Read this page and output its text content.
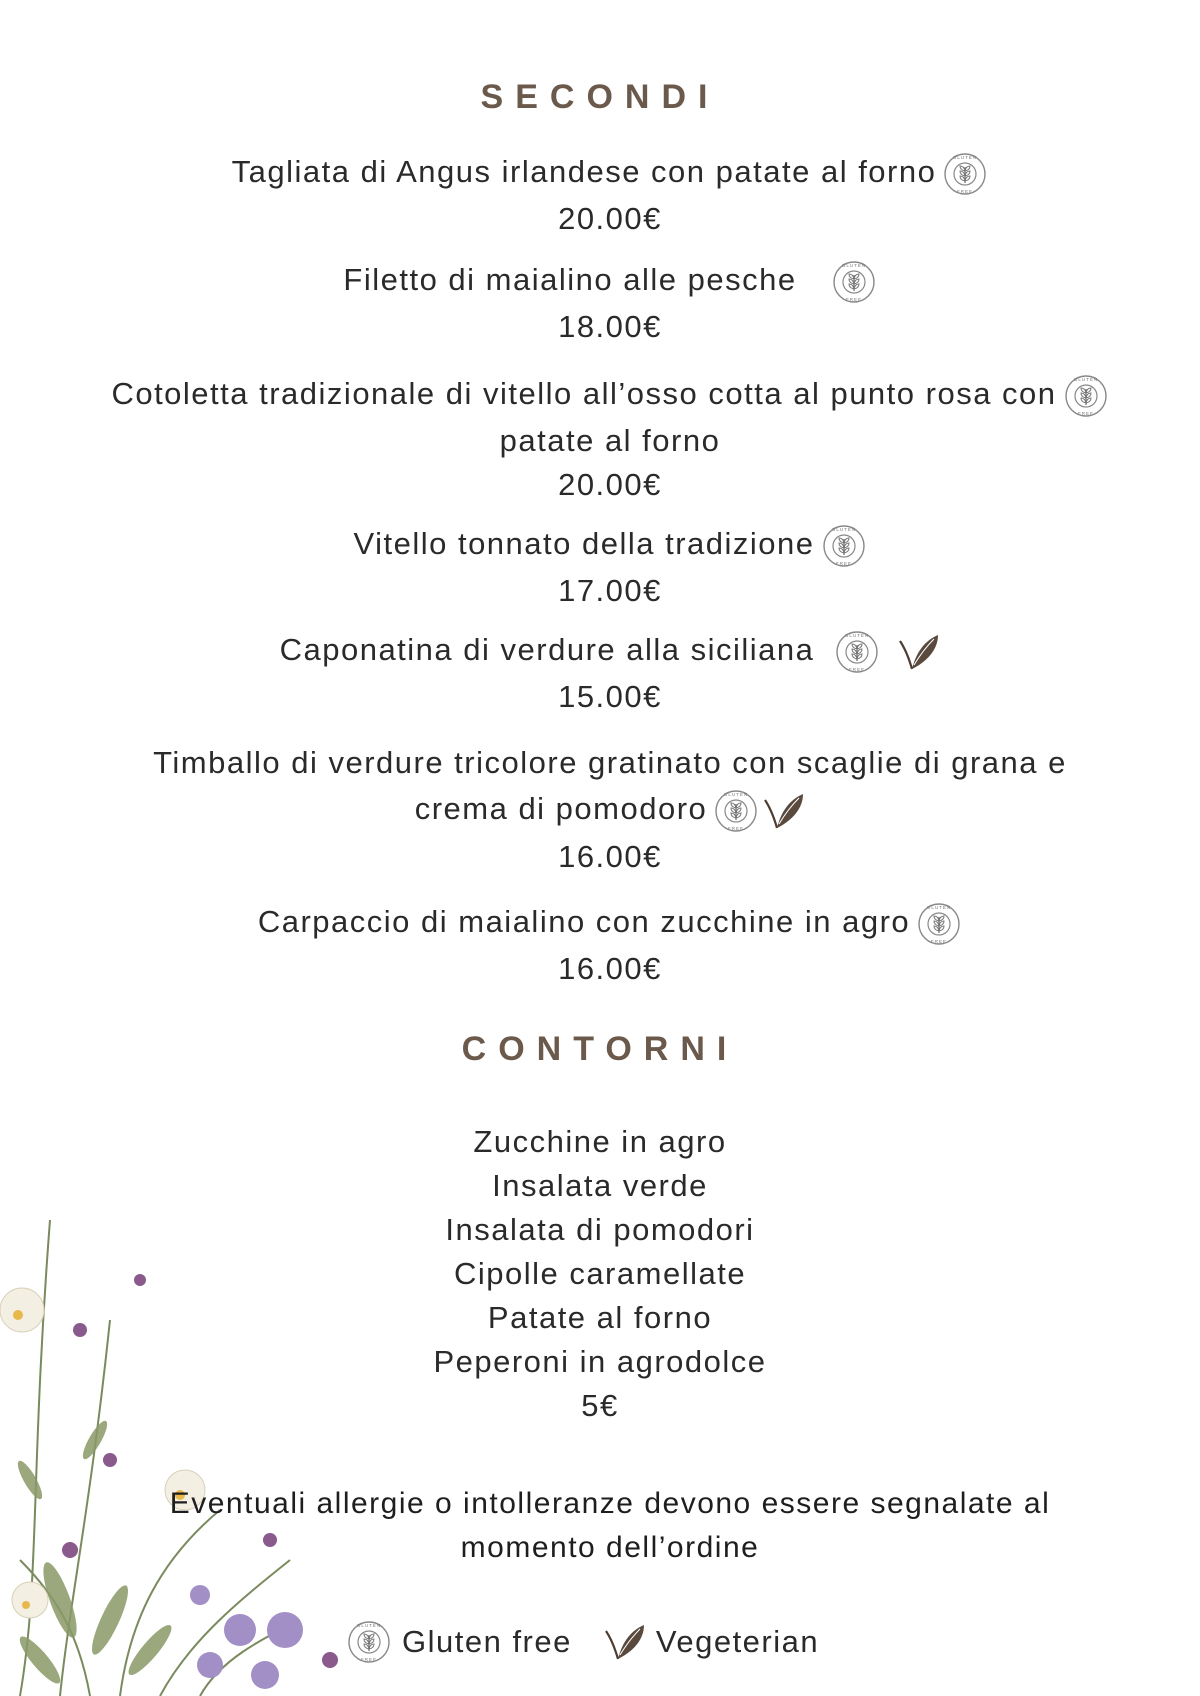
SECONDI
Tagliata di Angus irlandese con patate al forno
20.00€
Filetto di maialino alle pesche
18.00€
Cotoletta tradizionale di vitello all’osso cotta al punto rosa con
patate al forno
20.00€
Vitello tonnato della tradizione
17.00€
Caponatina di verdure alla siciliana
15.00€
Timballo di verdure tricolore gratinato con scaglie di grana e
crema di pomodoro
16.00€
Carpaccio di maialino con zucchine in agro
16.00€
CONTORNI
Zucchine in agro
Insalata verde
Insalata di pomodori
Cipolle caramellate
Patate al forno
Peperoni in agrodolce
5€
Eventuali allergie o intolleranze devono essere segnalate al
momento dell’ordine
Gluten free	Vegeterian
